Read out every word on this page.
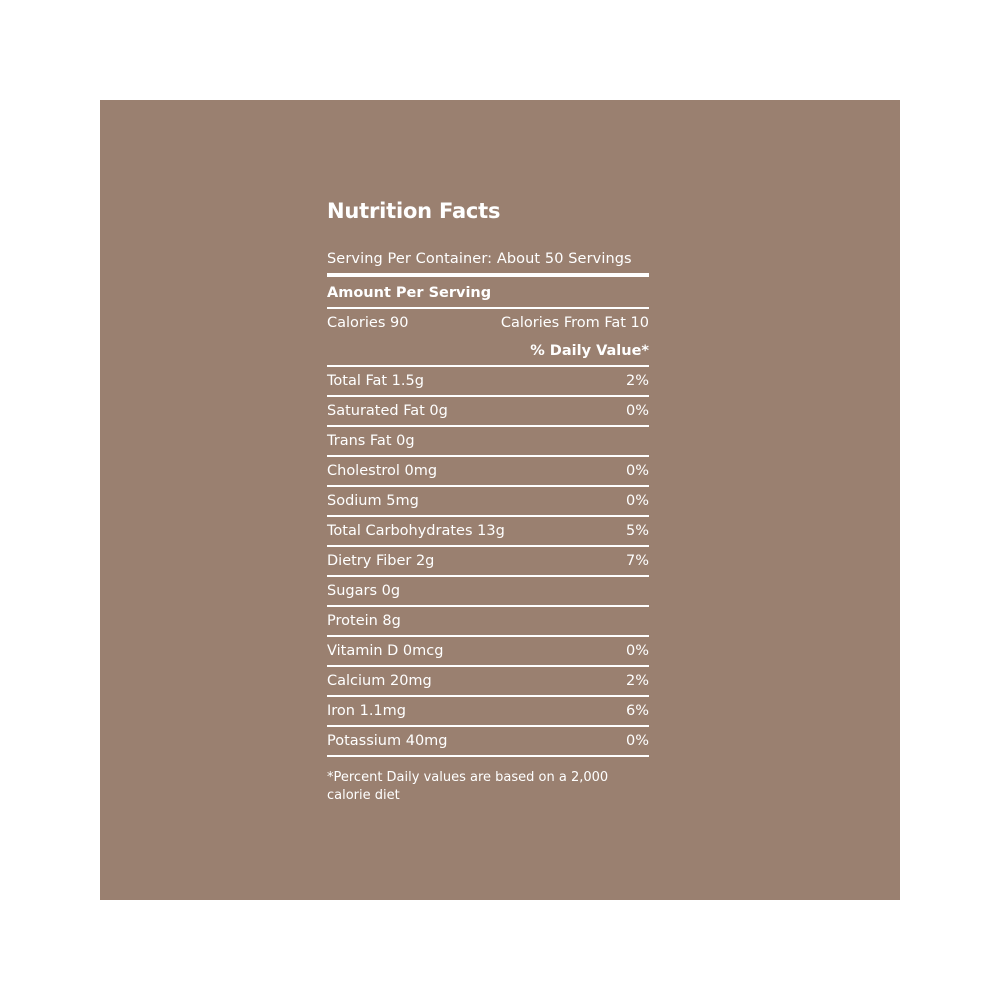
Nutrition Facts
Serving Per Container: About 50 Servings
Amount Per Serving
Calories 90	Calories From Fat 10
% Daily Value*
Total Fat 1.5g	2%
Saturated Fat 0g	0%
Trans Fat 0g
Cholestrol 0mg	0%
Sodium 5mg	0%
Total Carbohydrates 13g	5%
Dietry Fiber 2g	7%
Sugars 0g
Protein 8g
Vitamin D 0mcg	0%
Calcium 20mg	2%
Iron 1.1mg	6%
Potassium 40mg	0%
*Percent Daily values are based on a 2,000 calorie diet
